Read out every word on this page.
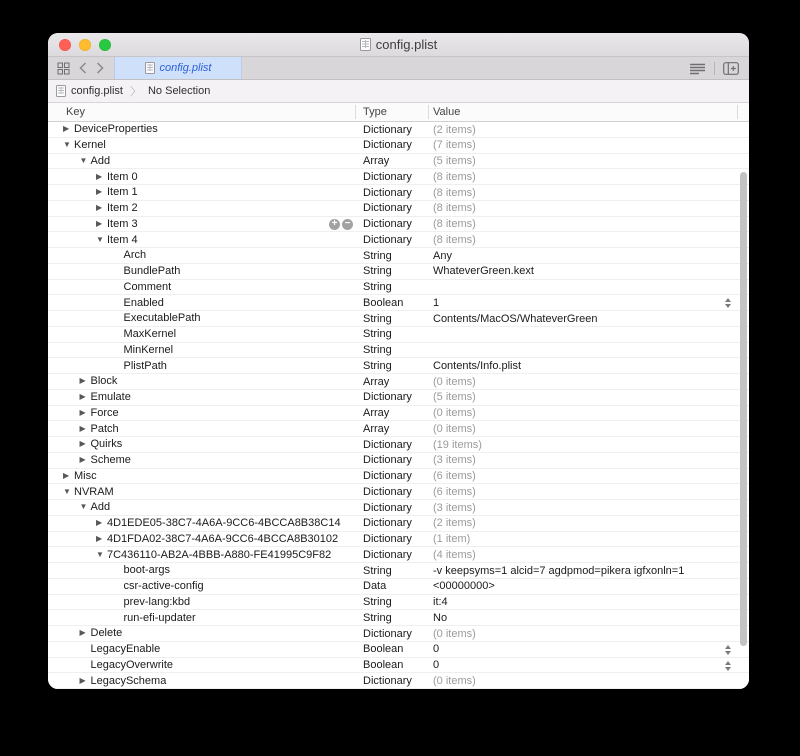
config.plist
config.plist
config.plist 〉 No Selection
Key	Type	Value
▶ DeviceProperties	Dictionary (2 items)
▼ Kernel	Dictionary (7 items)
▼ Add	Array	(5 items)
▶ Item 0	Dictionary (8 items)
▶ Item 1	Dictionary (8 items)
▶ Item 2	Dictionary (8 items)
▶ Item 3	+ − Dictionary (8 items)
▼ Item 4	Dictionary (8 items)
Arch	String	Any
BundlePath	String	WhateverGreen.kext
Comment	String
Enabled	Boolean	1
ExecutablePath	String	Contents/MacOS/WhateverGreen
MaxKernel	String
MinKernel	String
PlistPath	String	Contents/Info.plist
▶ Block	Array	(0 items)
▶ Emulate	Dictionary (5 items)
▶ Force	Array	(0 items)
▶ Patch	Array	(0 items)
▶ Quirks	Dictionary (19 items)
▶ Scheme	Dictionary (3 items)
▶ Misc	Dictionary (6 items)
▼ NVRAM	Dictionary (6 items)
▼ Add	Dictionary (3 items)
▶ 4D1EDE05-38C7-4A6A-9CC6-4BCCA8B38C14 Dictionary (2 items)
▶ 4D1FDA02-38C7-4A6A-9CC6-4BCCA8B30102 Dictionary (1 item)
▼ 7C436110-AB2A-4BBB-A880-FE41995C9F82	Dictionary (4 items)
boot-args	String	-v keepsyms=1 alcid=7 agdpmod=pikera igfxonln=1
csr-active-config	Data	<00000000>
prev-lang:kbd	String	it:4
run-efi-updater	String	No
▶ Delete	Dictionary (0 items)
LegacyEnable	Boolean	0
LegacyOverwrite	Boolean	0
▶ LegacySchema	Dictionary (0 items)
